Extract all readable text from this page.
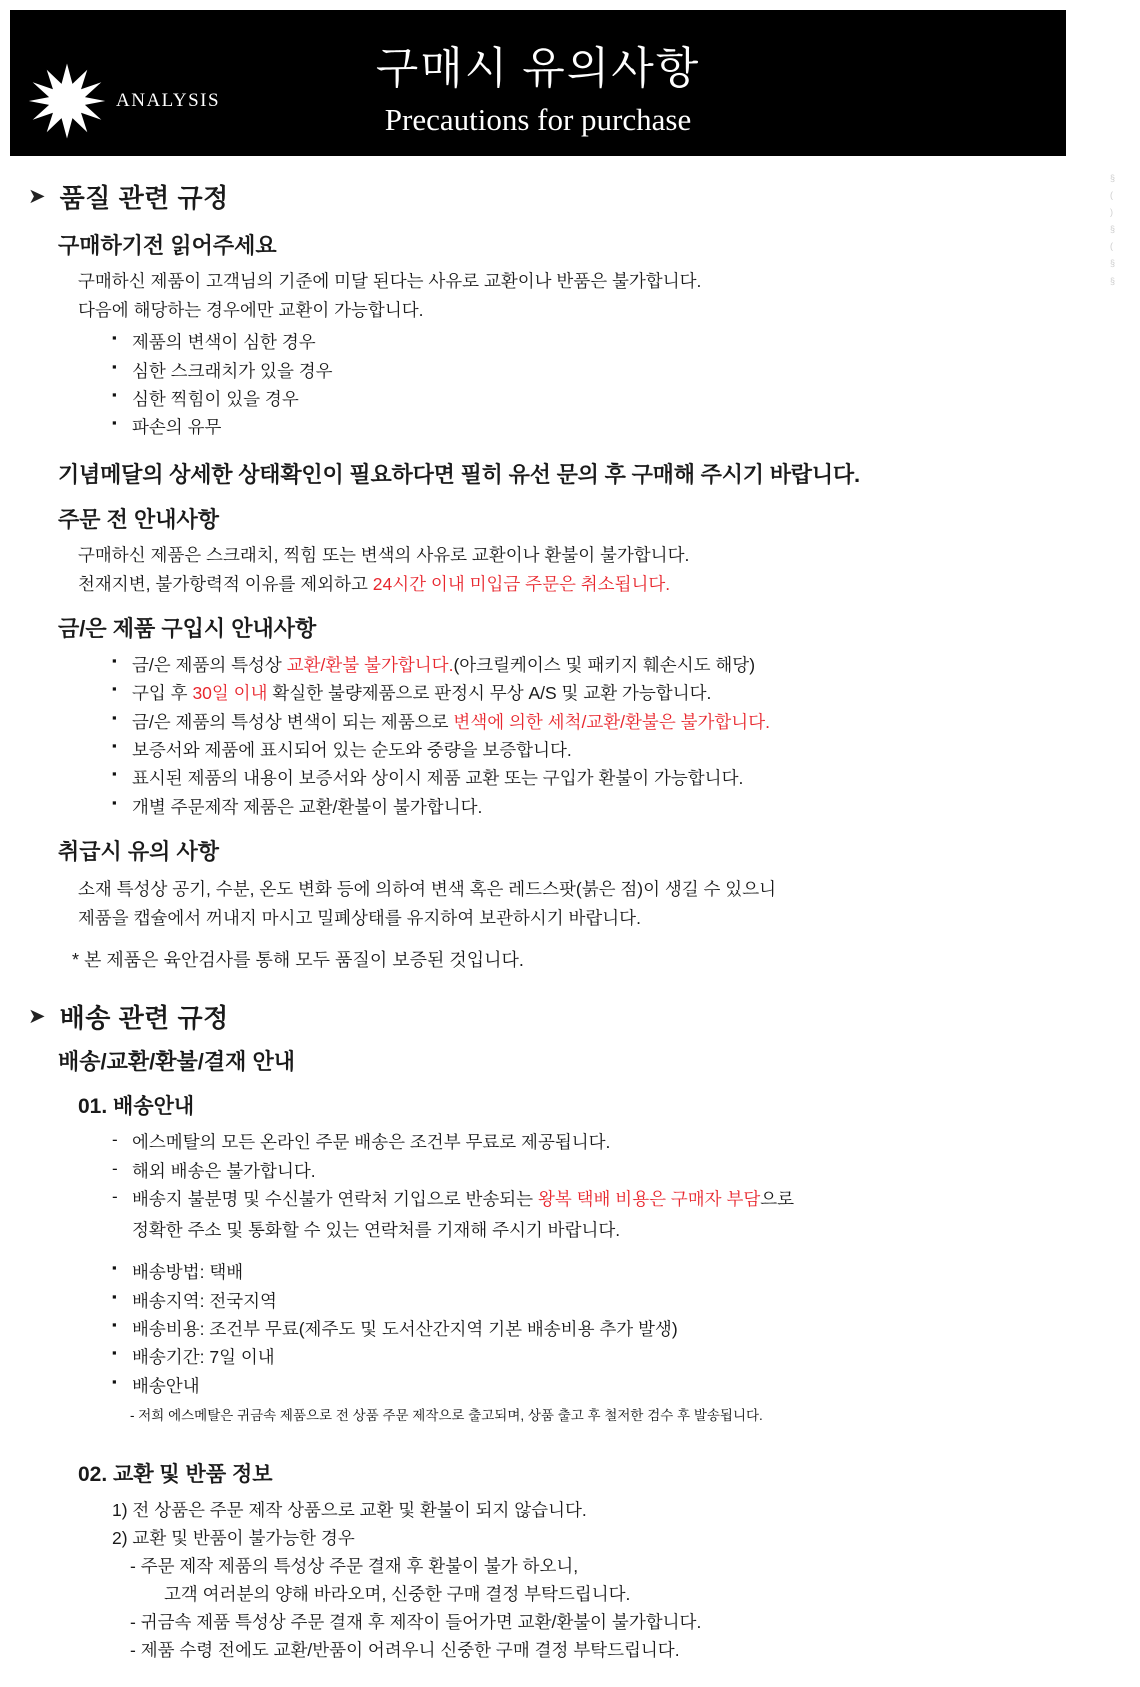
ANALYSIS
구매시 유의사항
Precautions for purchase
§
(
)
§
(
§
§
➤ 품질 관련 규정
구매하기전 읽어주세요
구매하신 제품이 고객님의 기준에 미달 된다는 사유로 교환이나 반품은 불가합니다.
다음에 해당하는 경우에만 교환이 가능합니다.
▪ 제품의 변색이 심한 경우
▪ 심한 스크래치가 있을 경우
▪ 심한 찍힘이 있을 경우
▪ 파손의 유무
기념메달의 상세한 상태확인이 필요하다면 필히 유선 문의 후 구매해 주시기 바랍니다.
주문 전 안내사항
구매하신 제품은 스크래치, 찍힘 또는 변색의 사유로 교환이나 환불이 불가합니다.
천재지변, 불가항력적 이유를 제외하고 24시간 이내 미입금 주문은 취소됩니다.
금/은 제품 구입시 안내사항
▪ 금/은 제품의 특성상 교환/환불 불가합니다.(아크릴케이스 및 패키지 훼손시도 해당)
▪ 구입 후 30일 이내 확실한 불량제품으로 판정시 무상 A/S 및 교환 가능합니다.
▪ 금/은 제품의 특성상 변색이 되는 제품으로 변색에 의한 세척/교환/환불은 불가합니다.
▪ 보증서와 제품에 표시되어 있는 순도와 중량을 보증합니다.
▪ 표시된 제품의 내용이 보증서와 상이시 제품 교환 또는 구입가 환불이 가능합니다.
▪ 개별 주문제작 제품은 교환/환불이 불가합니다.
취급시 유의 사항
소재 특성상 공기, 수분, 온도 변화 등에 의하여 변색 혹은 레드스팟(붉은 점)이 생길 수 있으니
제품을 캡슐에서 꺼내지 마시고 밀폐상태를 유지하여 보관하시기 바랍니다.
* 본 제품은 육안검사를 통해 모두 품질이 보증된 것입니다.
➤ 배송 관련 규정
배송/교환/환불/결재 안내
01. 배송안내
- 에스메탈의 모든 온라인 주문 배송은 조건부 무료로 제공됩니다.
- 해외 배송은 불가합니다.
- 배송지 불분명 및 수신불가 연락처 기입으로 반송되는 왕복 택배 비용은 구매자 부담으로
정확한 주소 및 통화할 수 있는 연락처를 기재해 주시기 바랍니다.
▪ 배송방법: 택배
▪ 배송지역: 전국지역
▪ 배송비용: 조건부 무료(제주도 및 도서산간지역 기본 배송비용 추가 발생)
▪ 배송기간: 7일 이내
▪ 배송안내
- 저희 에스메탈은 귀금속 제품으로 전 상품 주문 제작으로 출고되며, 상품 출고 후 철저한 검수 후 발송됩니다.
02. 교환 및 반품 정보
1) 전 상품은 주문 제작 상품으로 교환 및 환불이 되지 않습니다.
2) 교환 및 반품이 불가능한 경우
- 주문 제작 제품의 특성상 주문 결재 후 환불이 불가 하오니,
고객 여러분의 양해 바라오며, 신중한 구매 결정 부탁드립니다.
- 귀금속 제품 특성상 주문 결재 후 제작이 들어가면 교환/환불이 불가합니다.
- 제품 수령 전에도 교환/반품이 어려우니 신중한 구매 결정 부탁드립니다.
